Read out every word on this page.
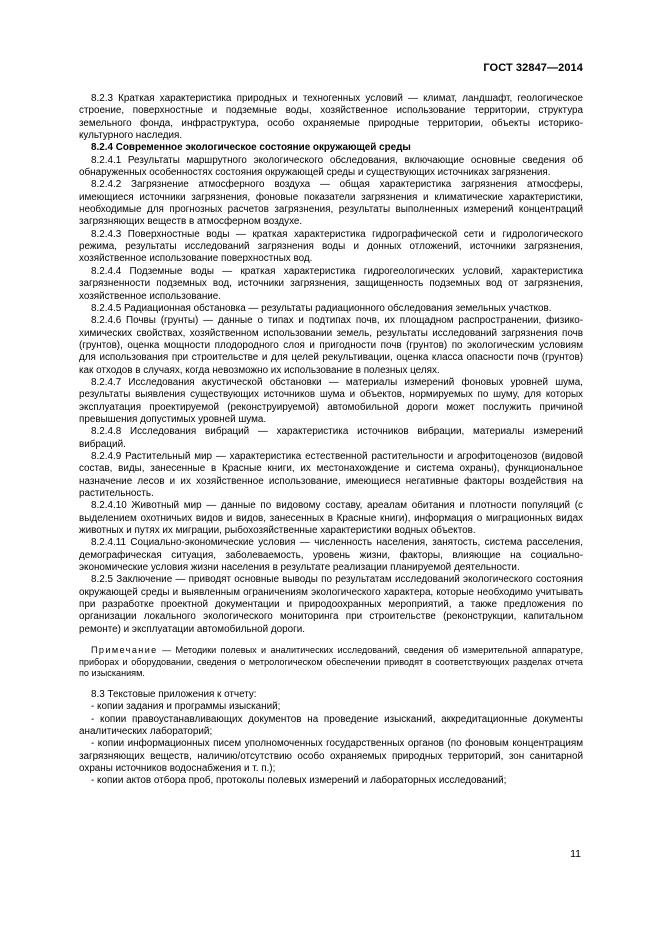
ГОСТ 32847—2014

8.2.3 Краткая характеристика природных и техногенных условий — климат, ландшафт, геологическое строение, поверхностные и подземные воды, хозяйственное использование территории, структура земельного фонда, инфраструктура, особо охраняемые природные территории, объекты историко-культурного наследия.

8.2.4 Современное экологическое состояние окружающей среды

8.2.4.1 Результаты маршрутного экологического обследования, включающие основные сведения об обнаруженных особенностях состояния окружающей среды и существующих источниках загрязнения.

8.2.4.2 Загрязнение атмосферного воздуха — общая характеристика загрязнения атмосферы, имеющиеся источники загрязнения, фоновые показатели загрязнения и климатические характеристики, необходимые для прогнозных расчетов загрязнения, результаты выполненных измерений концентраций загрязняющих веществ в атмосферном воздухе.

8.2.4.3 Поверхностные воды — краткая характеристика гидрографической сети и гидрологического режима, результаты исследований загрязнения воды и донных отложений, источники загрязнения, хозяйственное использование поверхностных вод.

8.2.4.4 Подземные воды — краткая характеристика гидрогеологических условий, характеристика загрязненности подземных вод, источники загрязнения, защищенность подземных вод от загрязнения, хозяйственное использование.

8.2.4.5 Радиационная обстановка — результаты радиационного обследования земельных участков.

8.2.4.6 Почвы (грунты) — данные о типах и подтипах почв, их площадном распространении, физико-химических свойствах, хозяйственном использовании земель, результаты исследований загрязнения почв (грунтов), оценка мощности плодородного слоя и пригодности почв (грунтов) по экологическим условиям для использования при строительстве и для целей рекультивации, оценка класса опасности почв (грунтов) как отходов в случаях, когда невозможно их использование в полезных целях.

8.2.4.7 Исследования акустической обстановки — материалы измерений фоновых уровней шума, результаты выявления существующих источников шума и объектов, нормируемых по шуму, для которых эксплуатация проектируемой (реконструируемой) автомобильной дороги может послужить причиной превышения допустимых уровней шума.

8.2.4.8 Исследования вибраций — характеристика источников вибрации, материалы измерений вибраций.

8.2.4.9 Растительный мир — характеристика естественной растительности и агрофитоценозов (видовой состав, виды, занесенные в Красные книги, их местонахождение и система охраны), функциональное назначение лесов и их хозяйственное использование, имеющиеся негативные факторы воздействия на растительность.

8.2.4.10 Животный мир — данные по видовому составу, ареалам обитания и плотности популяций (с выделением охотничьих видов и видов, занесенных в Красные книги), информация о миграционных видах животных и путях их миграции, рыбохозяйственные характеристики водных объектов.

8.2.4.11 Социально-экономические условия — численность населения, занятость, система расселения, демографическая ситуация, заболеваемость, уровень жизни, факторы, влияющие на социально-экономические условия жизни населения в результате реализации планируемой деятельности.

8.2.5 Заключение — приводят основные выводы по результатам исследований экологического состояния окружающей среды и выявленным ограничениям экологического характера, которые необходимо учитывать при разработке проектной документации и природоохранных мероприятий, а также предложения по организации локального экологического мониторинга при строительстве (реконструкции, капитальном ремонте) и эксплуатации автомобильной дороги.

Примечание — Методики полевых и аналитических исследований, сведения об измерительной аппаратуре, приборах и оборудовании, сведения о метрологическом обеспечении приводят в соответствующих разделах отчета по изысканиям.

8.3 Текстовые приложения к отчету:

- копии задания и программы изысканий;

- копии правоустанавливающих документов на проведение изысканий, аккредитационные документы аналитических лабораторий;

- копии информационных писем уполномоченных государственных органов (по фоновым концентрациям загрязняющих веществ, наличию/отсутствию особо охраняемых природных территорий, зон санитарной охраны источников водоснабжения и т. п.);

- копии актов отбора проб, протоколы полевых измерений и лабораторных исследований;

11
